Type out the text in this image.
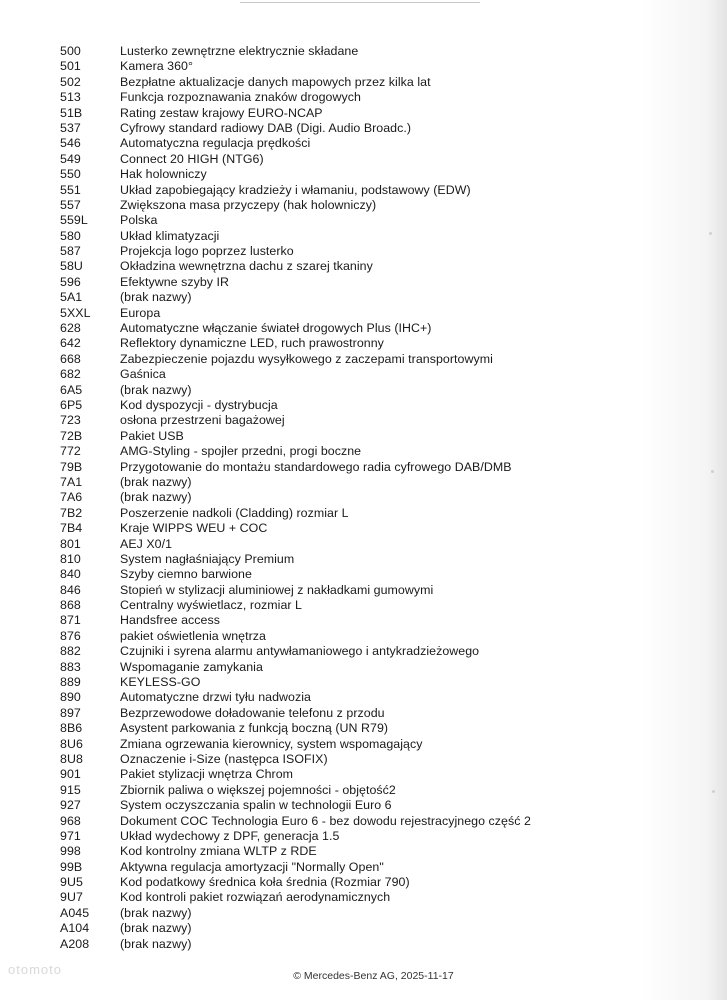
500	Lusterko zewnętrzne elektrycznie składane
501	Kamera 360°
502	Bezpłatne aktualizacje danych mapowych przez kilka lat
513	Funkcja rozpoznawania znaków drogowych
51B	Rating zestaw krajowy EURO-NCAP
537	Cyfrowy standard radiowy DAB (Digi. Audio Broadc.)
546	Automatyczna regulacja prędkości
549	Connect 20 HIGH (NTG6)
550	Hak holowniczy
551	Układ zapobiegający kradzieży i włamaniu, podstawowy (EDW)
557	Zwiększona masa przyczepy (hak holowniczy)
559L	Polska
580	Układ klimatyzacji
587	Projekcja logo poprzez lusterko
58U	Okładzina wewnętrzna dachu z szarej tkaniny
596	Efektywne szyby IR
5A1	(brak nazwy)
5XXL	Europa
628	Automatyczne włączanie świateł drogowych Plus (IHC+)
642	Reflektory dynamiczne LED, ruch prawostronny
668	Zabezpieczenie pojazdu wysyłkowego z zaczepami transportowymi
682	Gaśnica
6A5	(brak nazwy)
6P5	Kod dyspozycji - dystrybucja
723	osłona przestrzeni bagażowej
72B	Pakiet USB
772	AMG-Styling - spojler przedni, progi boczne
79B	Przygotowanie do montażu standardowego radia cyfrowego DAB/DMB
7A1	(brak nazwy)
7A6	(brak nazwy)
7B2	Poszerzenie nadkoli (Cladding) rozmiar L
7B4	Kraje WIPPS WEU + COC
801	AEJ X0/1
810	System nagłaśniający Premium
840	Szyby ciemno barwione
846	Stopień w stylizacji aluminiowej z nakładkami gumowymi
868	Centralny wyświetlacz, rozmiar L
871	Handsfree access
876	pakiet oświetlenia wnętrza
882	Czujniki i syrena alarmu antywłamaniowego i antykradzieżowego
883	Wspomaganie zamykania
889	KEYLESS-GO
890	Automatyczne drzwi tyłu nadwozia
897	Bezprzewodowe doładowanie telefonu z przodu
8B6	Asystent parkowania z funkcją boczną (UN R79)
8U6	Zmiana ogrzewania kierownicy, system wspomagający
8U8	Oznaczenie i-Size (następca ISOFIX)
901	Pakiet stylizacji wnętrza Chrom
915	Zbiornik paliwa o większej pojemności - objętość2
927	System oczyszczania spalin w technologii Euro 6
968	Dokument COC Technologia Euro 6 - bez dowodu rejestracyjnego część 2
971	Układ wydechowy z DPF, generacja 1.5
998	Kod kontrolny zmiana WLTP z RDE
99B	Aktywna regulacja amortyzacji "Normally Open"
9U5	Kod podatkowy średnica koła średnia (Rozmiar 790)
9U7	Kod kontroli pakiet rozwiązań aerodynamicznych
A045	(brak nazwy)
A104	(brak nazwy)
A208	(brak nazwy)
otomoto	© Mercedes-Benz AG, 2025-11-17
